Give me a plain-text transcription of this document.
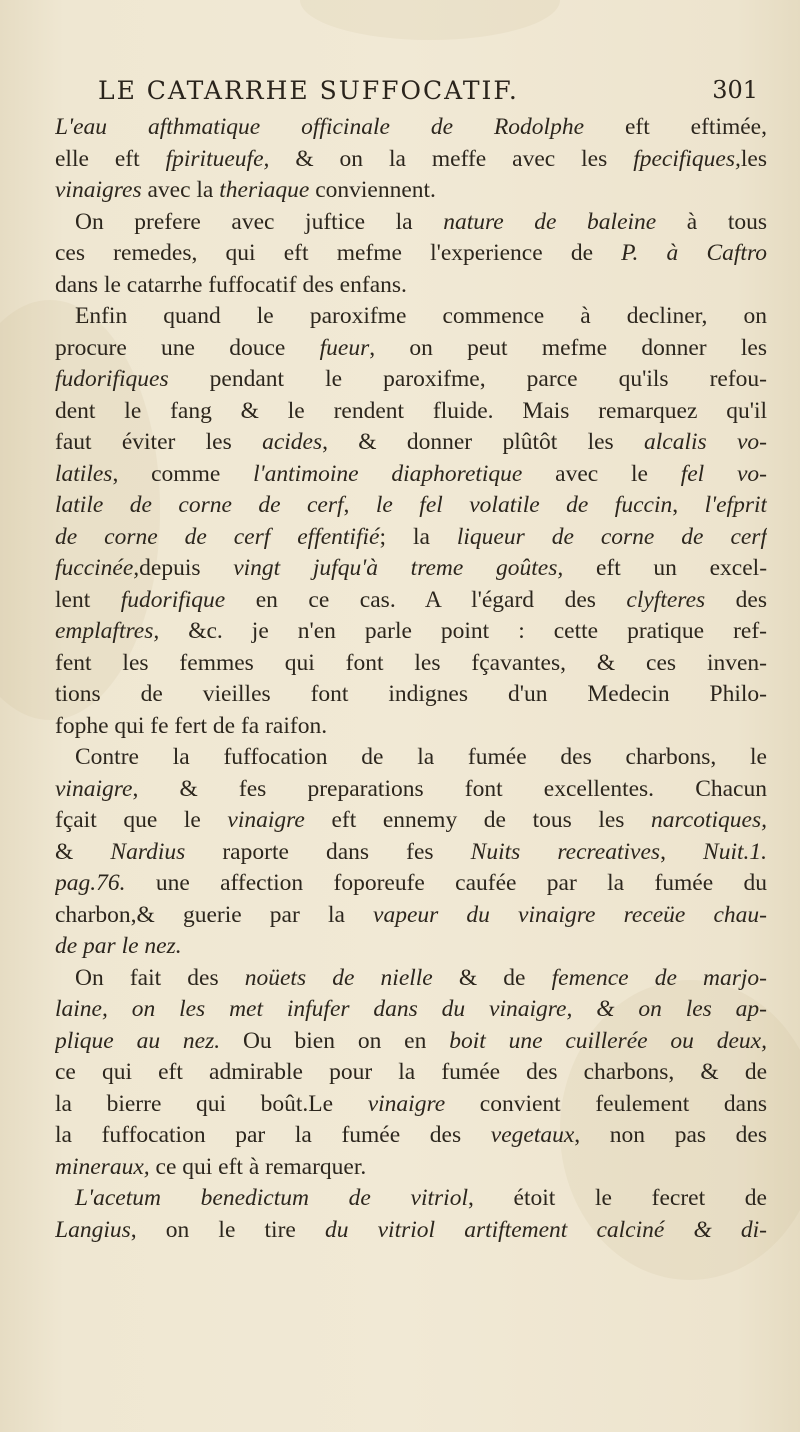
LE CATARRHE SUFFOCATIF.	301
L'eau afthmatique officinale de Rodolphe eft eftimée,
elle eft fpiritueufe, & on la meffe avec les fpecifiques,les
vinaigres avec la theriaque conviennent.
On prefere avec juftice la nature de baleine à tous
ces remedes, qui eft mefme l'experience de P. à Caftro
dans le catarrhe fuffocatif des enfans.
Enfin quand le paroxifme commence à decliner, on
procure une douce fueur, on peut mefme donner les
fudorifiques pendant le paroxifme, parce qu'ils refou-
dent le fang & le rendent fluide. Mais remarquez qu'il
faut éviter les acides, & donner plûtôt les alcalis vo-
latiles, comme l'antimoine diaphoretique avec le fel vo-
latile de corne de cerf, le fel volatile de fuccin, l'efprit
de corne de cerf effentifié; la liqueur de corne de cerf
fuccinée,depuis vingt jufqu'à treme goûtes, eft un excel-
lent fudorifique en ce cas. A l'égard des clyfteres des
emplaftres, &c. je n'en parle point : cette pratique ref-
fent les femmes qui font les fçavantes, & ces inven-
tions de vieilles font indignes d'un Medecin Philo-
fophe qui fe fert de fa raifon.
Contre la fuffocation de la fumée des charbons, le
vinaigre, & fes preparations font excellentes. Chacun
fçait que le vinaigre eft ennemy de tous les narcotiques,
& Nardius raporte dans fes Nuits recreatives, Nuit.1.
pag.76. une affection foporeufe caufée par la fumée du
charbon,& guerie par la vapeur du vinaigre receüe chau-
de par le nez.
On fait des noüets de nielle & de femence de marjo-
laine, on les met infufer dans du vinaigre, & on les ap-
plique au nez. Ou bien on en boit une cuillerée ou deux,
ce qui eft admirable pour la fumée des charbons, & de
la bierre qui boût.Le vinaigre convient feulement dans
la fuffocation par la fumée des vegetaux, non pas des
mineraux, ce qui eft à remarquer.
L'acetum benedictum de vitriol, étoit le fecret de
Langius, on le tire du vitriol artiftement calciné & di-
